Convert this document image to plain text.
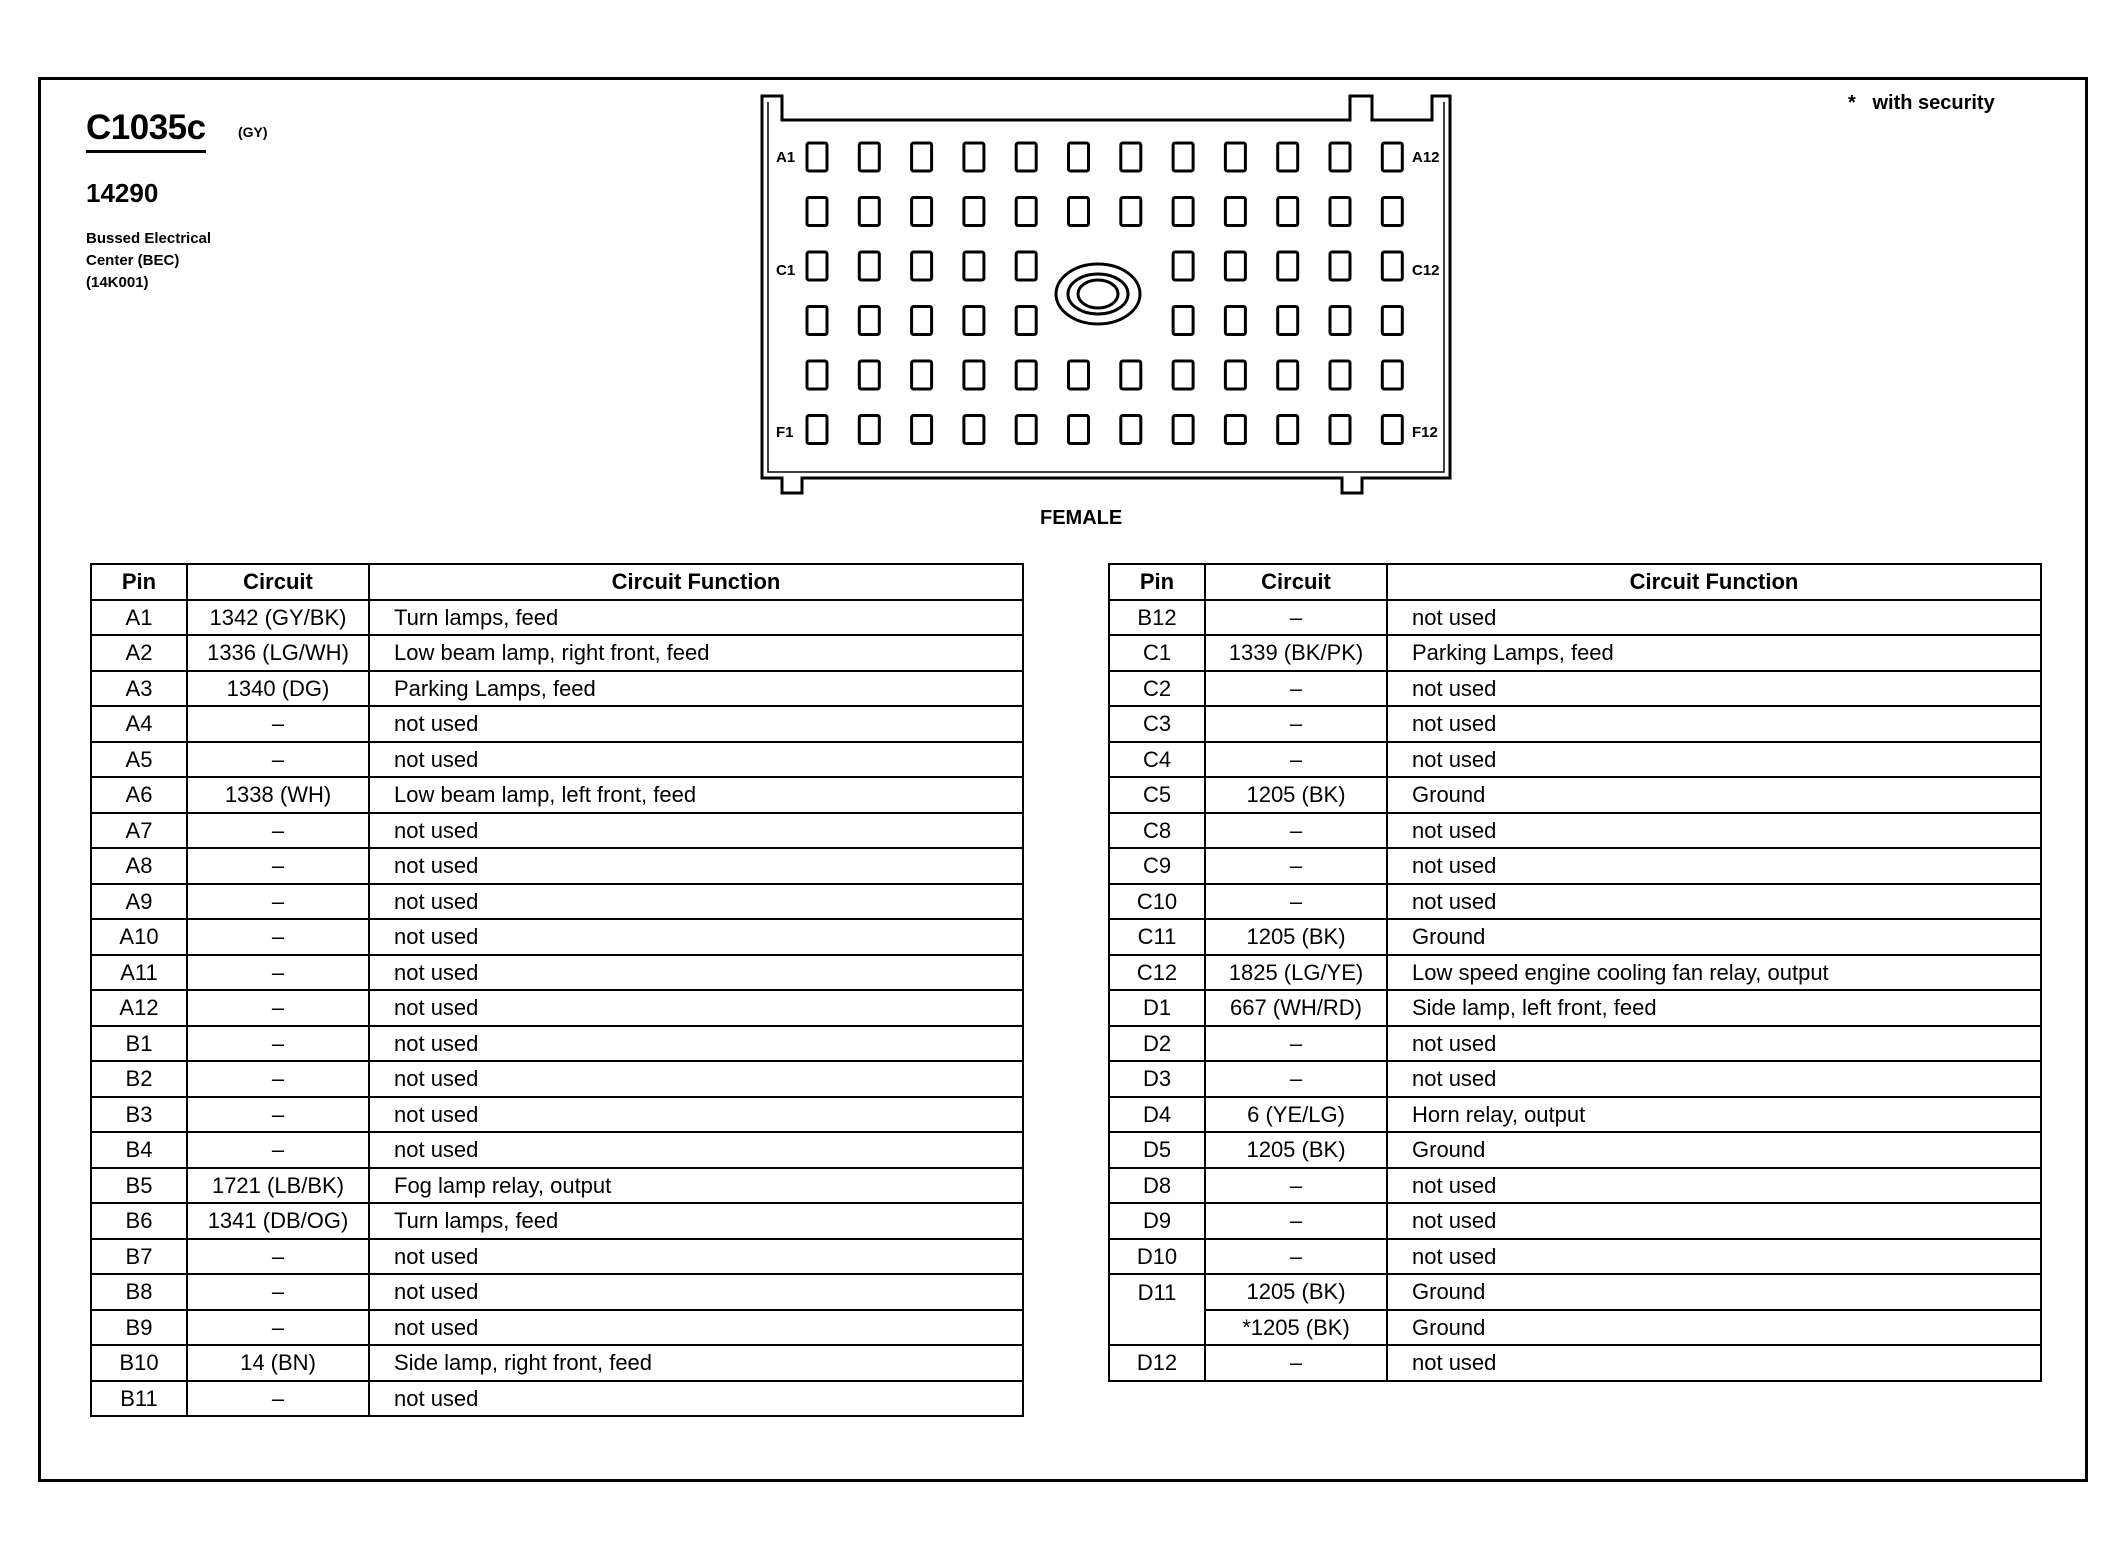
C1035c (GY)
14290
Bussed Electrical
Center (BEC)
(14K001)
*   with security
A1	A12
C1	C12
F1	F12
FEMALE
Pin	Circuit	Circuit Function
A1	1342 (GY/BK)	Turn lamps, feed
A2	1336 (LG/WH)	Low beam lamp, right front, feed
A3	1340 (DG)	Parking Lamps, feed
A4	–	not used
A5	–	not used
A6	1338 (WH)	Low beam lamp, left front, feed
A7	–	not used
A8	–	not used
A9	–	not used
A10	–	not used
A11	–	not used
A12	–	not used
B1	–	not used
B2	–	not used
B3	–	not used
B4	–	not used
B5	1721 (LB/BK)	Fog lamp relay, output
B6	1341 (DB/OG)	Turn lamps, feed
B7	–	not used
B8	–	not used
B9	–	not used
B10	14 (BN)	Side lamp, right front, feed
B11	–	not used
Pin	Circuit	Circuit Function
B12	–	not used
C1	1339 (BK/PK)	Parking Lamps, feed
C2	–	not used
C3	–	not used
C4	–	not used
C5	1205 (BK)	Ground
C8	–	not used
C9	–	not used
C10	–	not used
C11	1205 (BK)	Ground
C12	1825 (LG/YE)	Low speed engine cooling fan relay, output
D1	667 (WH/RD)	Side lamp, left front, feed
D2	–	not used
D3	–	not used
D4	6 (YE/LG)	Horn relay, output
D5	1205 (BK)	Ground
D8	–	not used
D9	–	not used
D10	–	not used
D11	1205 (BK)	Ground
	*1205 (BK)	Ground
D12	–	not used
